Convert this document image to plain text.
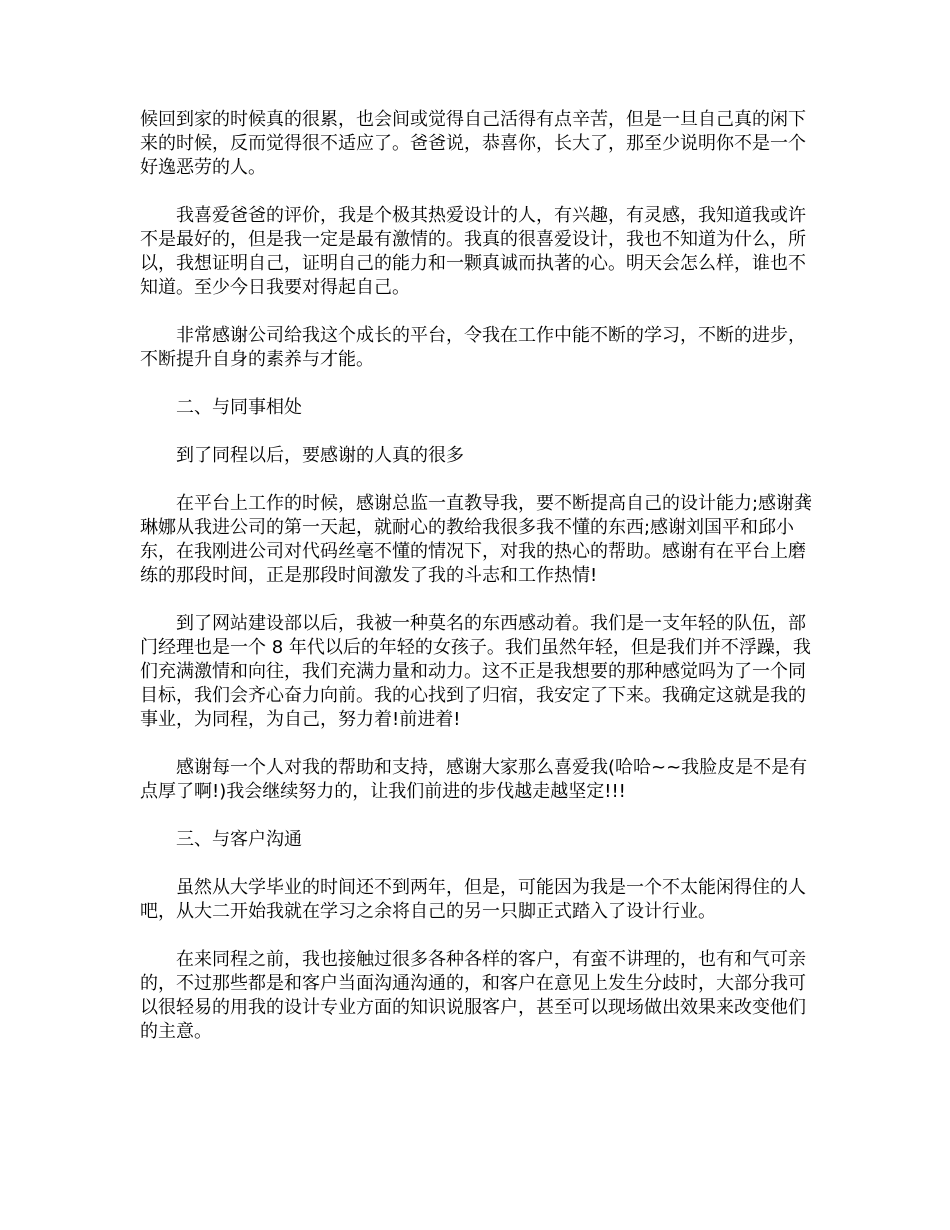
候回到家的时候真的很累，也会间或觉得自己活得有点辛苦，但是一旦自己真的闲下来的时候，反而觉得很不适应了。爸爸说，恭喜你，长大了，那至少说明你不是一个好逸恶劳的人。

我喜爱爸爸的评价，我是个极其热爱设计的人，有兴趣，有灵感，我知道我或许不是最好的，但是我一定是最有激情的。我真的很喜爱设计，我也不知道为什么，所以，我想证明自己，证明自己的能力和一颗真诚而执著的心。明天会怎么样，谁也不知道。至少今日我要对得起自己。

非常感谢公司给我这个成长的平台，令我在工作中能不断的学习，不断的进步，不断提升自身的素养与才能。

二、与同事相处

到了同程以后，要感谢的人真的很多

在平台上工作的时候，感谢总监一直教导我，要不断提高自己的设计能力;感谢龚琳娜从我进公司的第一天起，就耐心的教给我很多我不懂的东西;感谢刘国平和邱小东，在我刚进公司对代码丝毫不懂的情况下，对我的热心的帮助。感谢有在平台上磨练的那段时间，正是那段时间激发了我的斗志和工作热情!

到了网站建设部以后，我被一种莫名的东西感动着。我们是一支年轻的队伍，部门经理也是一个 8 年代以后的年轻的女孩子。我们虽然年轻，但是我们并不浮躁，我们充满激情和向往，我们充满力量和动力。这不正是我想要的那种感觉吗为了一个同目标，我们会齐心奋力向前。我的心找到了归宿，我安定了下来。我确定这就是我的事业，为同程，为自己，努力着!前进着!

感谢每一个人对我的帮助和支持，感谢大家那么喜爱我(哈哈~~我脸皮是不是有点厚了啊!)我会继续努力的，让我们前进的步伐越走越坚定!!!

三、与客户沟通

虽然从大学毕业的时间还不到两年，但是，可能因为我是一个不太能闲得住的人吧，从大二开始我就在学习之余将自己的另一只脚正式踏入了设计行业。

在来同程之前，我也接触过很多各种各样的客户，有蛮不讲理的，也有和气可亲的，不过那些都是和客户当面沟通沟通的，和客户在意见上发生分歧时，大部分我可以很轻易的用我的设计专业方面的知识说服客户，甚至可以现场做出效果来改变他们的主意。
